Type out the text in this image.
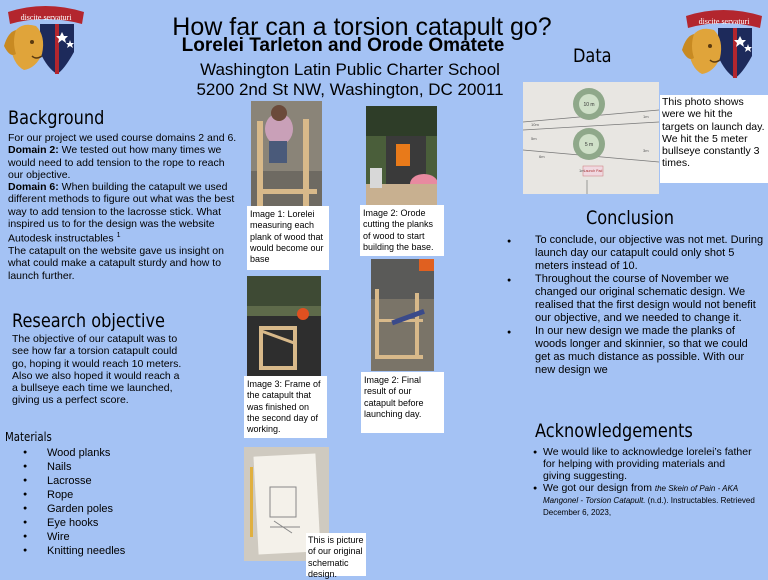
discite servaturi	discite servaturi
How far can a torsion catapult go?
Lorelei Tarleton and Orode Omatete
Washington Latin Public Charter School
5200 2nd St NW, Washington, DC 20011
Background
For our project we used course domains 2 and 6. Domain 2: We tested out how many times we would need to add tension to the rope to reach our objective.
Domain 6: When building the catapult we used different methods to figure out what was the best way to add tension to the lacrosse stick. What inspired us to for the design was the website Autodesk instructables $^1$
The catapult on the website gave us insight on what could make a catapult sturdy and how to launch further.
Research objective
The objective of our catapult was to see how far a torsion catapult could go, hoping it would reach 10 meters. Also we also hoped it would reach a a bullseye each time we launched, giving us a perfect score.
Materials
● Wood planks
● Nails
● Lacrosse
● Rope
● Garden poles
● Eye hooks
● Wire
● Knitting needles
Image 1: Lorelei measuring each plank of wood that would become our base
Image 2: Orode cutting the planks of wood to start building the base.
Image 3: Frame of the catapult that was finished on the second day of working.
Image 2: Final result of our catapult before launching day.
This is picture of our original schematic design.
Data
10 m
5 m
10m
5m
1m
3m
6m
1m Launch Pad
This photo shows were we hit the targets on launch day. We hit the 5 meter bullseye constantly 3 times.
Conclusion
● To conclude, our objective was not met. During launch day our catapult could only shot 5 meters instead of 10.
● Throughout the course of November we changed our original schematic design. We realised that the first design would not benefit our objective, and we needed to change it.
● In our new design we made the planks of woods longer and skinnier, so that we could get as much distance as possible. With our new design we
Acknowledgements
● We would like to acknowledge lorelei’s father for helping with providing materials and giving suggesting.
● We got our design from the Skein of Pain - AKA Mangonel - Torsion Catapult. (n.d.). Instructables. Retrieved December 6, 2023,
